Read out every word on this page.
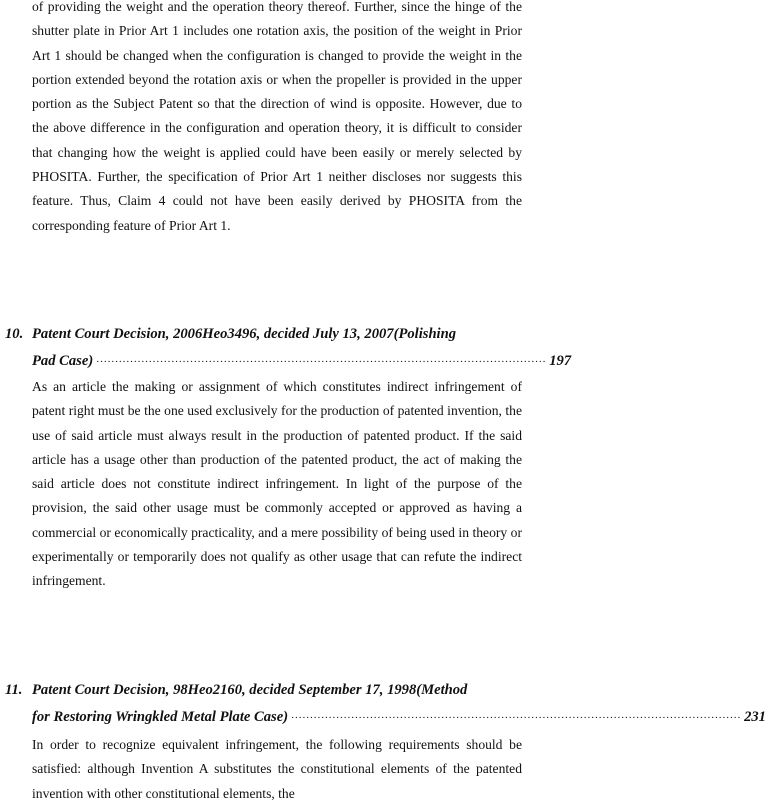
of providing the weight and the operation theory thereof. Further, since the hinge of the shutter plate in Prior Art 1 includes one rotation axis, the position of the weight in Prior Art 1 should be changed when the configuration is changed to provide the weight in the portion extended beyond the rotation axis or when the propeller is provided in the upper portion as the Subject Patent so that the direction of wind is opposite. However, due to the above difference in the configuration and operation theory, it is difficult to consider that changing how the weight is applied could have been easily or merely selected by PHOSITA. Further, the specification of Prior Art 1 neither discloses nor suggests this feature. Thus, Claim 4 could not have been easily derived by PHOSITA from the corresponding feature of Prior Art 1.

10. Patent Court Decision, 2006Heo3496, decided July 13, 2007(Polishing
Pad Case) ························································································································ 197

As an article the making or assignment of which constitutes indirect infringement of patent right must be the one used exclusively for the production of patented invention, the use of said article must always result in the production of patented product. If the said article has a usage other than production of the patented product, the act of making the said article does not constitute indirect infringement. In light of the purpose of the provision, the said other usage must be commonly accepted or approved as having a commercial or economically practicality, and a mere possibility of being used in theory or experimentally or temporarily does not qualify as other usage that can refute the indirect infringement.

11. Patent Court Decision, 98Heo2160, decided September 17, 1998(Method
for Restoring Wringkled Metal Plate Case) ························································································································ 231

In order to recognize equivalent infringement, the following requirements should be satisfied: although Invention A substitutes the constitutional elements of the patented invention with other constitutional elements, the
